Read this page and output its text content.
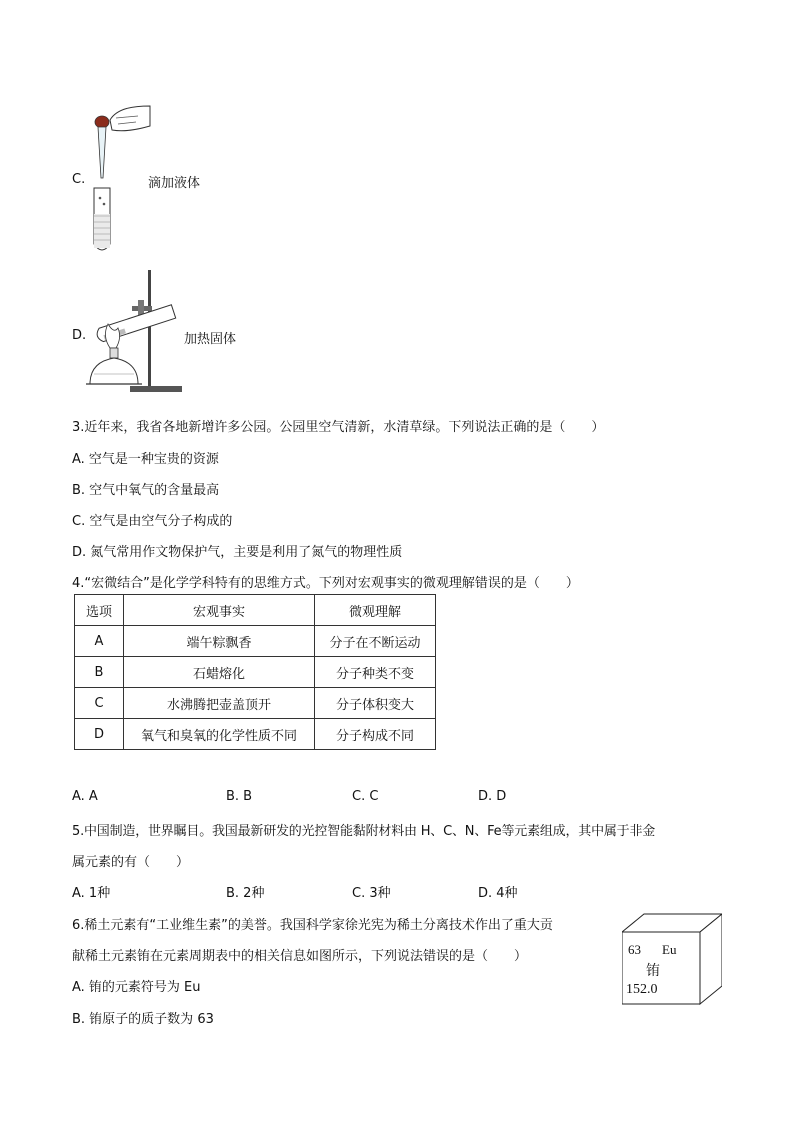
C.	滴加液体
D.	加热固体
3.近年来，我省各地新增许多公园。公园里空气清新，水清草绿。下列说法正确的是（　　）
A. 空气是一种宝贵的资源
B. 空气中氧气的含量最高
C. 空气是由空气分子构成的
D. 氮气常用作文物保护气，主要是利用了氮气的物理性质
4.“宏微结合”是化学学科特有的思维方式。下列对宏观事实的微观理解错误的是（　　）
选项	宏观事实	微观理解
A	端午粽飘香	分子在不断运动
B	石蜡熔化	分子种类不变
C	水沸腾把壶盖顶开	分子体积变大
D	氧气和臭氧的化学性质不同	分子构成不同
A. A	B. B	C. C	D. D
5.中国制造，世界瞩目。我国最新研发的光控智能黏附材料由 H、C、N、Fe等元素组成，其中属于非金
属元素的有（　　）
A. 1种	B. 2种	C. 3种	D. 4种
6.稀土元素有“工业维生素”的美誉。我国科学家徐光宪为稀土分离技术作出了重大贡
献稀土元素铕在元素周期表中的相关信息如图所示，下列说法错误的是（　　）
A. 铕的元素符号为 Eu
B. 铕原子的质子数为 63
63 Eu
铕
152.0
